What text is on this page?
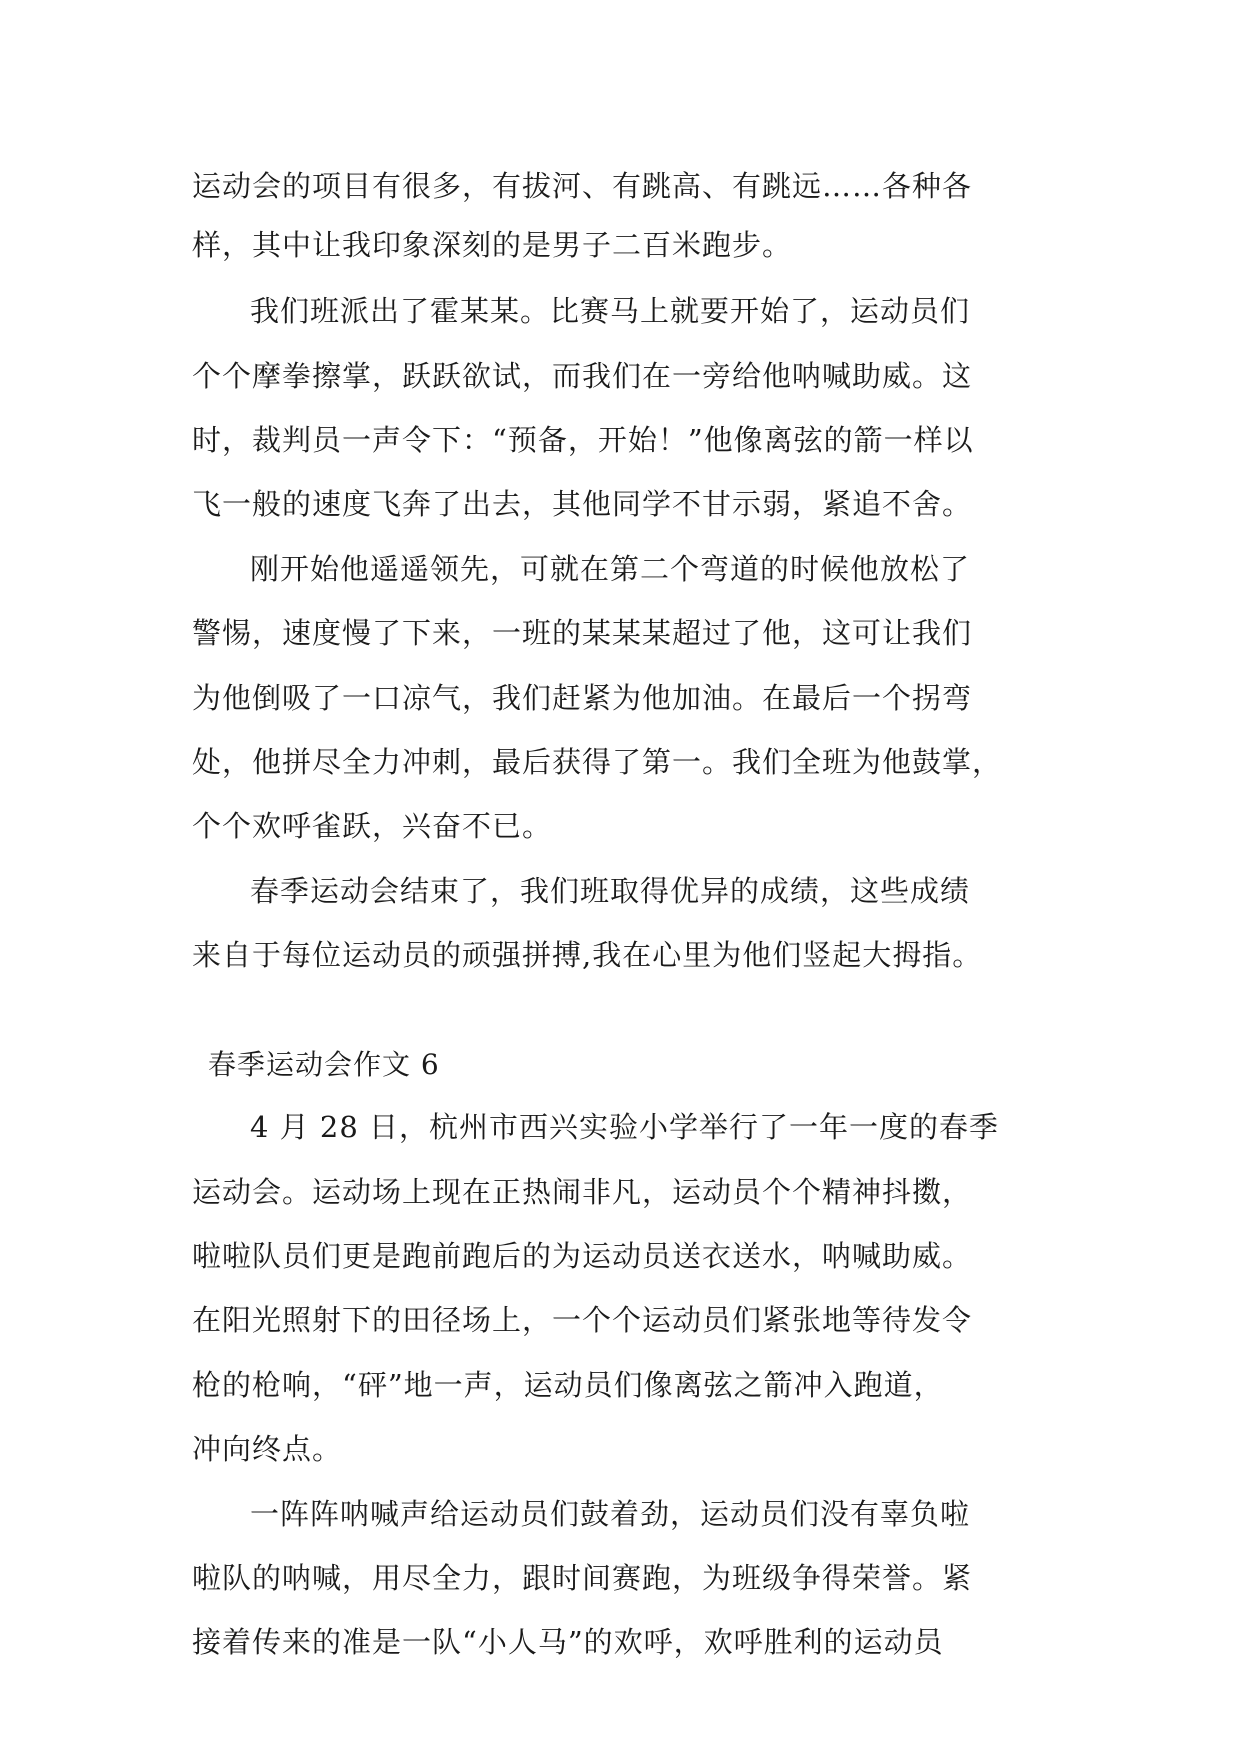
运动会的项目有很多，有拔河、有跳高、有跳远……各种各
样，其中让我印象深刻的是男子二百米跑步。
我们班派出了霍某某。比赛马上就要开始了，运动员们
个个摩拳擦掌，跃跃欲试，而我们在一旁给他呐喊助威。这
时，裁判员一声令下：“预备，开始！”他像离弦的箭一样以
飞一般的速度飞奔了出去，其他同学不甘示弱，紧追不舍。
刚开始他遥遥领先，可就在第二个弯道的时候他放松了
警惕，速度慢了下来，一班的某某某超过了他，这可让我们
为他倒吸了一口凉气，我们赶紧为他加油。在最后一个拐弯
处，他拼尽全力冲刺，最后获得了第一。我们全班为他鼓掌，
个个欢呼雀跃，兴奋不已。
春季运动会结束了，我们班取得优异的成绩，这些成绩
来自于每位运动员的顽强拼搏,我在心里为他们竖起大拇指。
春季运动会作文 6
4 月 28 日，杭州市西兴实验小学举行了一年一度的春季
运动会。运动场上现在正热闹非凡，运动员个个精神抖擞，
啦啦队员们更是跑前跑后的为运动员送衣送水，呐喊助威。
在阳光照射下的田径场上，一个个运动员们紧张地等待发令
枪的枪响，“砰”地一声，运动员们像离弦之箭冲入跑道，
冲向终点。
一阵阵呐喊声给运动员们鼓着劲，运动员们没有辜负啦
啦队的呐喊，用尽全力，跟时间赛跑，为班级争得荣誉。紧
接着传来的准是一队“小人马”的欢呼，欢呼胜利的运动员
